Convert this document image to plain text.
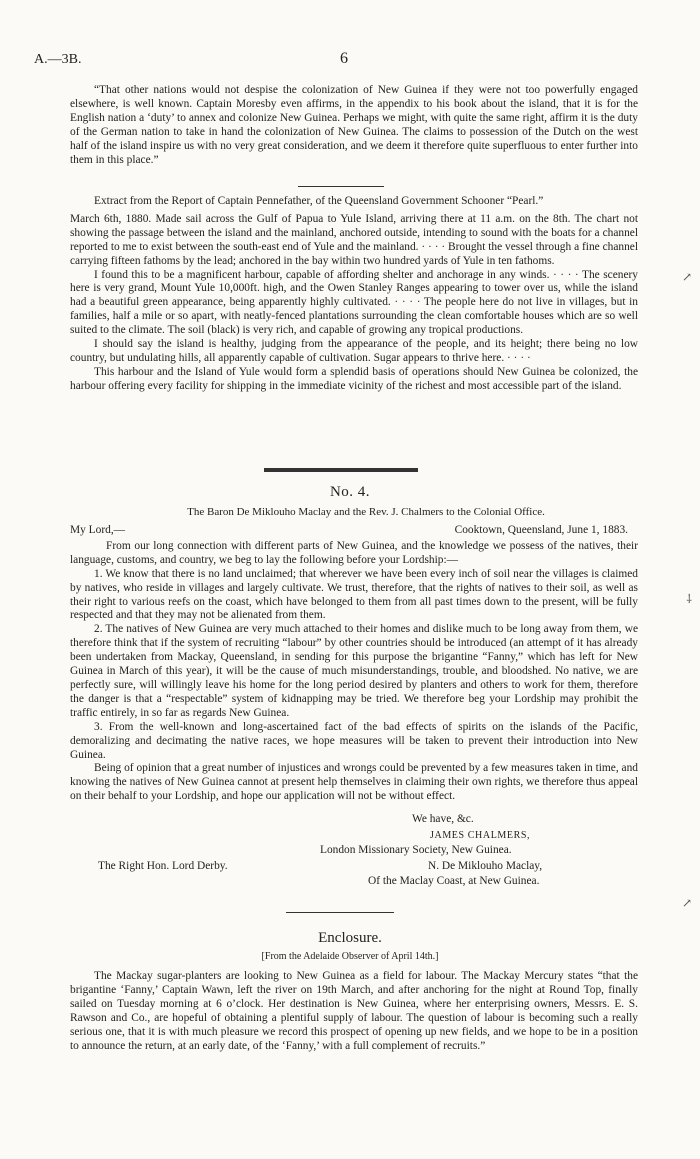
A.—3B.	6

“That other nations would not despise the colonization of New Guinea if they were not too powerfully engaged elsewhere, is well known. Captain Moresby even affirms, in the appendix to his book about the island, that it is for the English nation a ‘duty’ to annex and colonize New Guinea. Perhaps we might, with quite the same right, affirm it is the duty of the German nation to take in hand the colonization of New Guinea. The claims to possession of the Dutch on the west half of the island inspire us with no very great consideration, and we deem it therefore quite superfluous to enter further into them in this place.”

Extract from the Report of Captain Pennefather, of the Queensland Government Schooner “Pearl.”

March 6th, 1880. Made sail across the Gulf of Papua to Yule Island, arriving there at 11 a.m. on the 8th. The chart not showing the passage between the island and the mainland, anchored outside, intending to sound with the boats for a channel reported to me to exist between the south-east end of Yule and the mainland. · · · · Brought the vessel through a fine channel carrying fifteen fathoms by the lead; anchored in the bay within two hundred yards of Yule in ten fathoms.

I found this to be a magnificent harbour, capable of affording shelter and anchorage in any winds. · · · · The scenery here is very grand, Mount Yule 10,000ft. high, and the Owen Stanley Ranges appearing to tower over us, while the island had a beautiful green appearance, being apparently highly cultivated. · · · · The people here do not live in villages, but in families, half a mile or so apart, with neatly-fenced plantations surrounding the clean comfortable houses which are so well suited to the climate. The soil (black) is very rich, and capable of growing any tropical productions.

I should say the island is healthy, judging from the appearance of the people, and its height; there being no low country, but undulating hills, all apparently capable of cultivation. Sugar appears to thrive here. · · · ·

This harbour and the Island of Yule would form a splendid basis of operations should New Guinea be colonized, the harbour offering every facility for shipping in the immediate vicinity of the richest and most accessible part of the island.

No. 4.

The Baron De Miklouho Maclay and the Rev. J. Chalmers to the Colonial Office.

My Lord,—	Cooktown, Queensland, June 1, 1883.

From our long connection with different parts of New Guinea, and the knowledge we possess of the natives, their language, customs, and country, we beg to lay the following before your Lordship:—

1. We know that there is no land unclaimed; that wherever we have been every inch of soil near the villages is claimed by natives, who reside in villages and largely cultivate. We trust, therefore, that the rights of natives to their soil, as well as their right to various reefs on the coast, which have belonged to them from all past times down to the present, will be fully respected and that they may not be alienated from them.

2. The natives of New Guinea are very much attached to their homes and dislike much to be long away from them, we therefore think that if the system of recruiting “labour” by other countries should be introduced (an attempt of it has already been undertaken from Mackay, Queensland, in sending for this purpose the brigantine “Fanny,” which has left for New Guinea in March of this year), it will be the cause of much misunderstandings, trouble, and bloodshed. No native, we are perfectly sure, will willingly leave his home for the long period desired by planters and others to work for them, therefore the danger is that a “respectable” system of kidnapping may be tried. We therefore beg your Lordship may prohibit the traffic entirely, in so far as regards New Guinea.

3. From the well-known and long-ascertained fact of the bad effects of spirits on the islands of the Pacific, demoralizing and decimating the native races, we hope measures will be taken to prevent their introduction into New Guinea.

Being of opinion that a great number of injustices and wrongs could be prevented by a few measures taken in time, and knowing the natives of New Guinea cannot at present help themselves in claiming their own rights, we therefore thus appeal on their behalf to your Lordship, and hope our application will not be without effect.

We have, &c.
JAMES CHALMERS,
London Missionary Society, New Guinea.
N. De Miklouho Maclay,
Of the Maclay Coast, at New Guinea.
The Right Hon. Lord Derby.
Enclosure.
[From the Adelaide Observer of April 14th.]

The Mackay sugar-planters are looking to New Guinea as a field for labour. The Mackay Mercury states “that the brigantine ‘Fanny,’ Captain Wawn, left the river on 19th March, and after anchoring for the night at Round Top, finally sailed on Tuesday morning at 6 o’clock. Her destination is New Guinea, where her enterprising owners, Messrs. E. S. Rawson and Co., are hopeful of obtaining a plentiful supply of labour. The question of labour is becoming such a really serious one, that it is with much pleasure we record this prospect of opening up new fields, and we hope to be in a position to announce the return, at an early date, of the ‘Fanny,’ with a full complement of recruits.”

↗
⸸
↗
